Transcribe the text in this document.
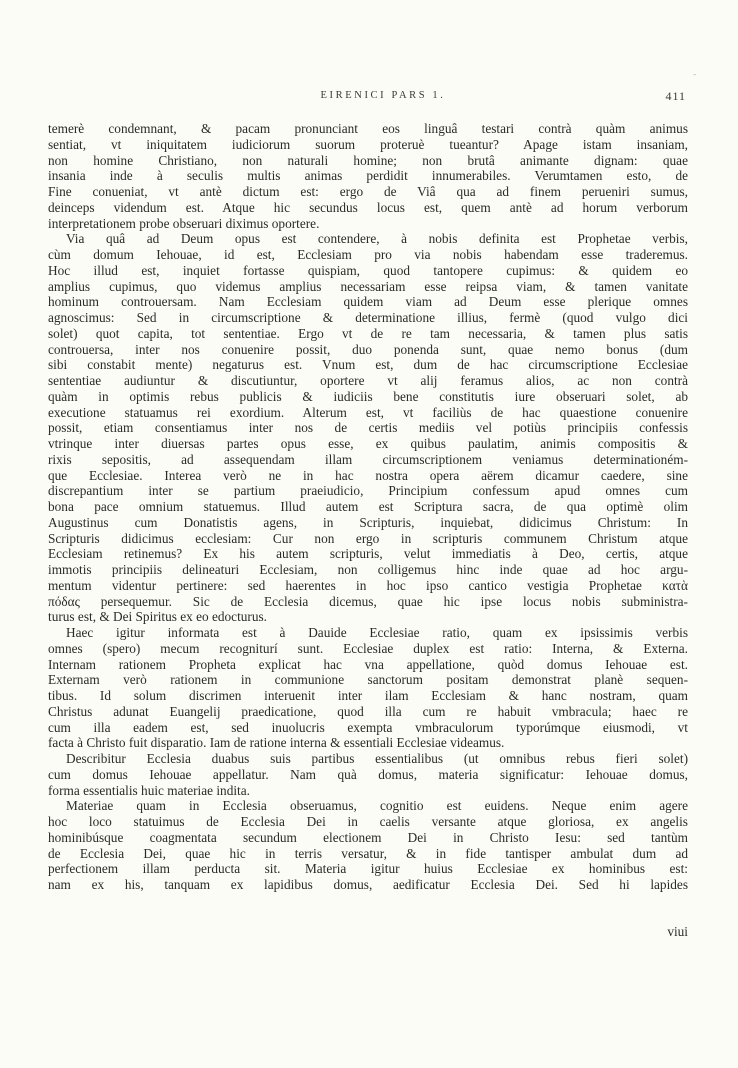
-
EIRENICI PARS 1.	411
temerè condemnant, & pacam pronunciant eos linguâ testari contrà quàm animus
sentiat, vt iniquitatem iudiciorum suorum proteruè tueantur? Apage istam insaniam,
non homine Christiano, non naturali homine; non brutâ animante dignam: quae
insania inde à seculis multis animas perdidit innumerabiles. Verumtamen esto, de
Fine conueniat, vt antè dictum est: ergo de Viâ qua ad finem perueniri sumus,
deinceps videndum est. Atque hic secundus locus est, quem antè ad horum verborum
interpretationem probe obseruari diximus oportere.
Via quâ ad Deum opus est contendere, à nobis definita est Prophetae verbis,
cùm domum Iehouae, id est, Ecclesiam pro via nobis habendam esse traderemus.
Hoc illud est, inquiet fortasse quispiam, quod tantopere cupimus: & quidem eo
amplius cupimus, quo videmus amplius necessariam esse reipsa viam, & tamen vanitate
hominum controuersam. Nam Ecclesiam quidem viam ad Deum esse plerique omnes
agnoscimus: Sed in circumscriptione & determinatione illius, fermè (quod vulgo dici
solet) quot capita, tot sententiae. Ergo vt de re tam necessaria, & tamen plus satis
controuersa, inter nos conuenire possit, duo ponenda sunt, quae nemo bonus (dum
sibi constabit mente) negaturus est. Vnum est, dum de hac circumscriptione Ecclesiae
sententiae audiuntur & discutiuntur, oportere vt alij feramus alios, ac non contrà
quàm in optimis rebus publicis & iudiciis bene constitutis iure obseruari solet, ab
executione statuamus rei exordium. Alterum est, vt faciliùs de hac quaestione conuenire
possit, etiam consentiamus inter nos de certis mediis vel potiùs principiis confessis
vtrinque inter diuersas partes opus esse, ex quibus paulatim, animis compositis &
rixis sepositis, ad assequendam illam circumscriptionem veniamus determinationém-
que Ecclesiae. Interea verò ne in hac nostra opera aërem dicamur caedere, sine
discrepantium inter se partium praeiudicio, Principium confessum apud omnes cum
bona pace omnium statuemus. Illud autem est Scriptura sacra, de qua optimè olim
Augustinus cum Donatistis agens, in Scripturis, inquiebat, didicimus Christum: In
Scripturis didicimus ecclesiam: Cur non ergo in scripturis communem Christum atque
Ecclesiam retinemus? Ex his autem scripturis, velut immediatis à Deo, certis, atque
immotis principiis delineaturi Ecclesiam, non colligemus hinc inde quae ad hoc argu-
mentum videntur pertinere: sed haerentes in hoc ipso cantico vestigia Prophetae κατὰ
πόδας persequemur. Sic de Ecclesia dicemus, quae hic ipse locus nobis subministra-
turus est, & Dei Spiritus ex eo edocturus.
Haec igitur informata est à Dauide Ecclesiae ratio, quam ex ipsissimis verbis
omnes (spero) mecum recogniturí sunt. Ecclesiae duplex est ratio: Interna, & Externa.
Internam rationem Propheta explicat hac vna appellatione, quòd domus Iehouae est.
Externam verò rationem in communione sanctorum positam demonstrat planè sequen-
tibus. Id solum discrimen interuenit inter ilam Ecclesiam & hanc nostram, quam
Christus adunat Euangelij praedicatione, quod illa cum re habuit vmbracula; haec re
cum illa eadem est, sed inuolucris exempta vmbraculorum typorúmque eiusmodi, vt
facta à Christo fuit disparatio. Iam de ratione interna & essentiali Ecclesiae videamus.
Describitur Ecclesia duabus suis partibus essentialibus (ut omnibus rebus fieri solet)
cum domus Iehouae appellatur. Nam quà domus, materia significatur: Iehouae domus,
forma essentialis huic materiae indita.
Materiae quam in Ecclesia obseruamus, cognitio est euidens. Neque enim agere
hoc loco statuimus de Ecclesia Dei in caelis versante atque gloriosa, ex angelis
hominibúsque coagmentata secundum electionem Dei in Christo Iesu: sed tantùm
de Ecclesia Dei, quae hic in terris versatur, & in fide tantisper ambulat dum ad
perfectionem illam perducta sit. Materia igitur huius Ecclesiae ex hominibus est:
nam ex his, tanquam ex lapidibus domus, aedificatur Ecclesia Dei. Sed hi lapides
viui
